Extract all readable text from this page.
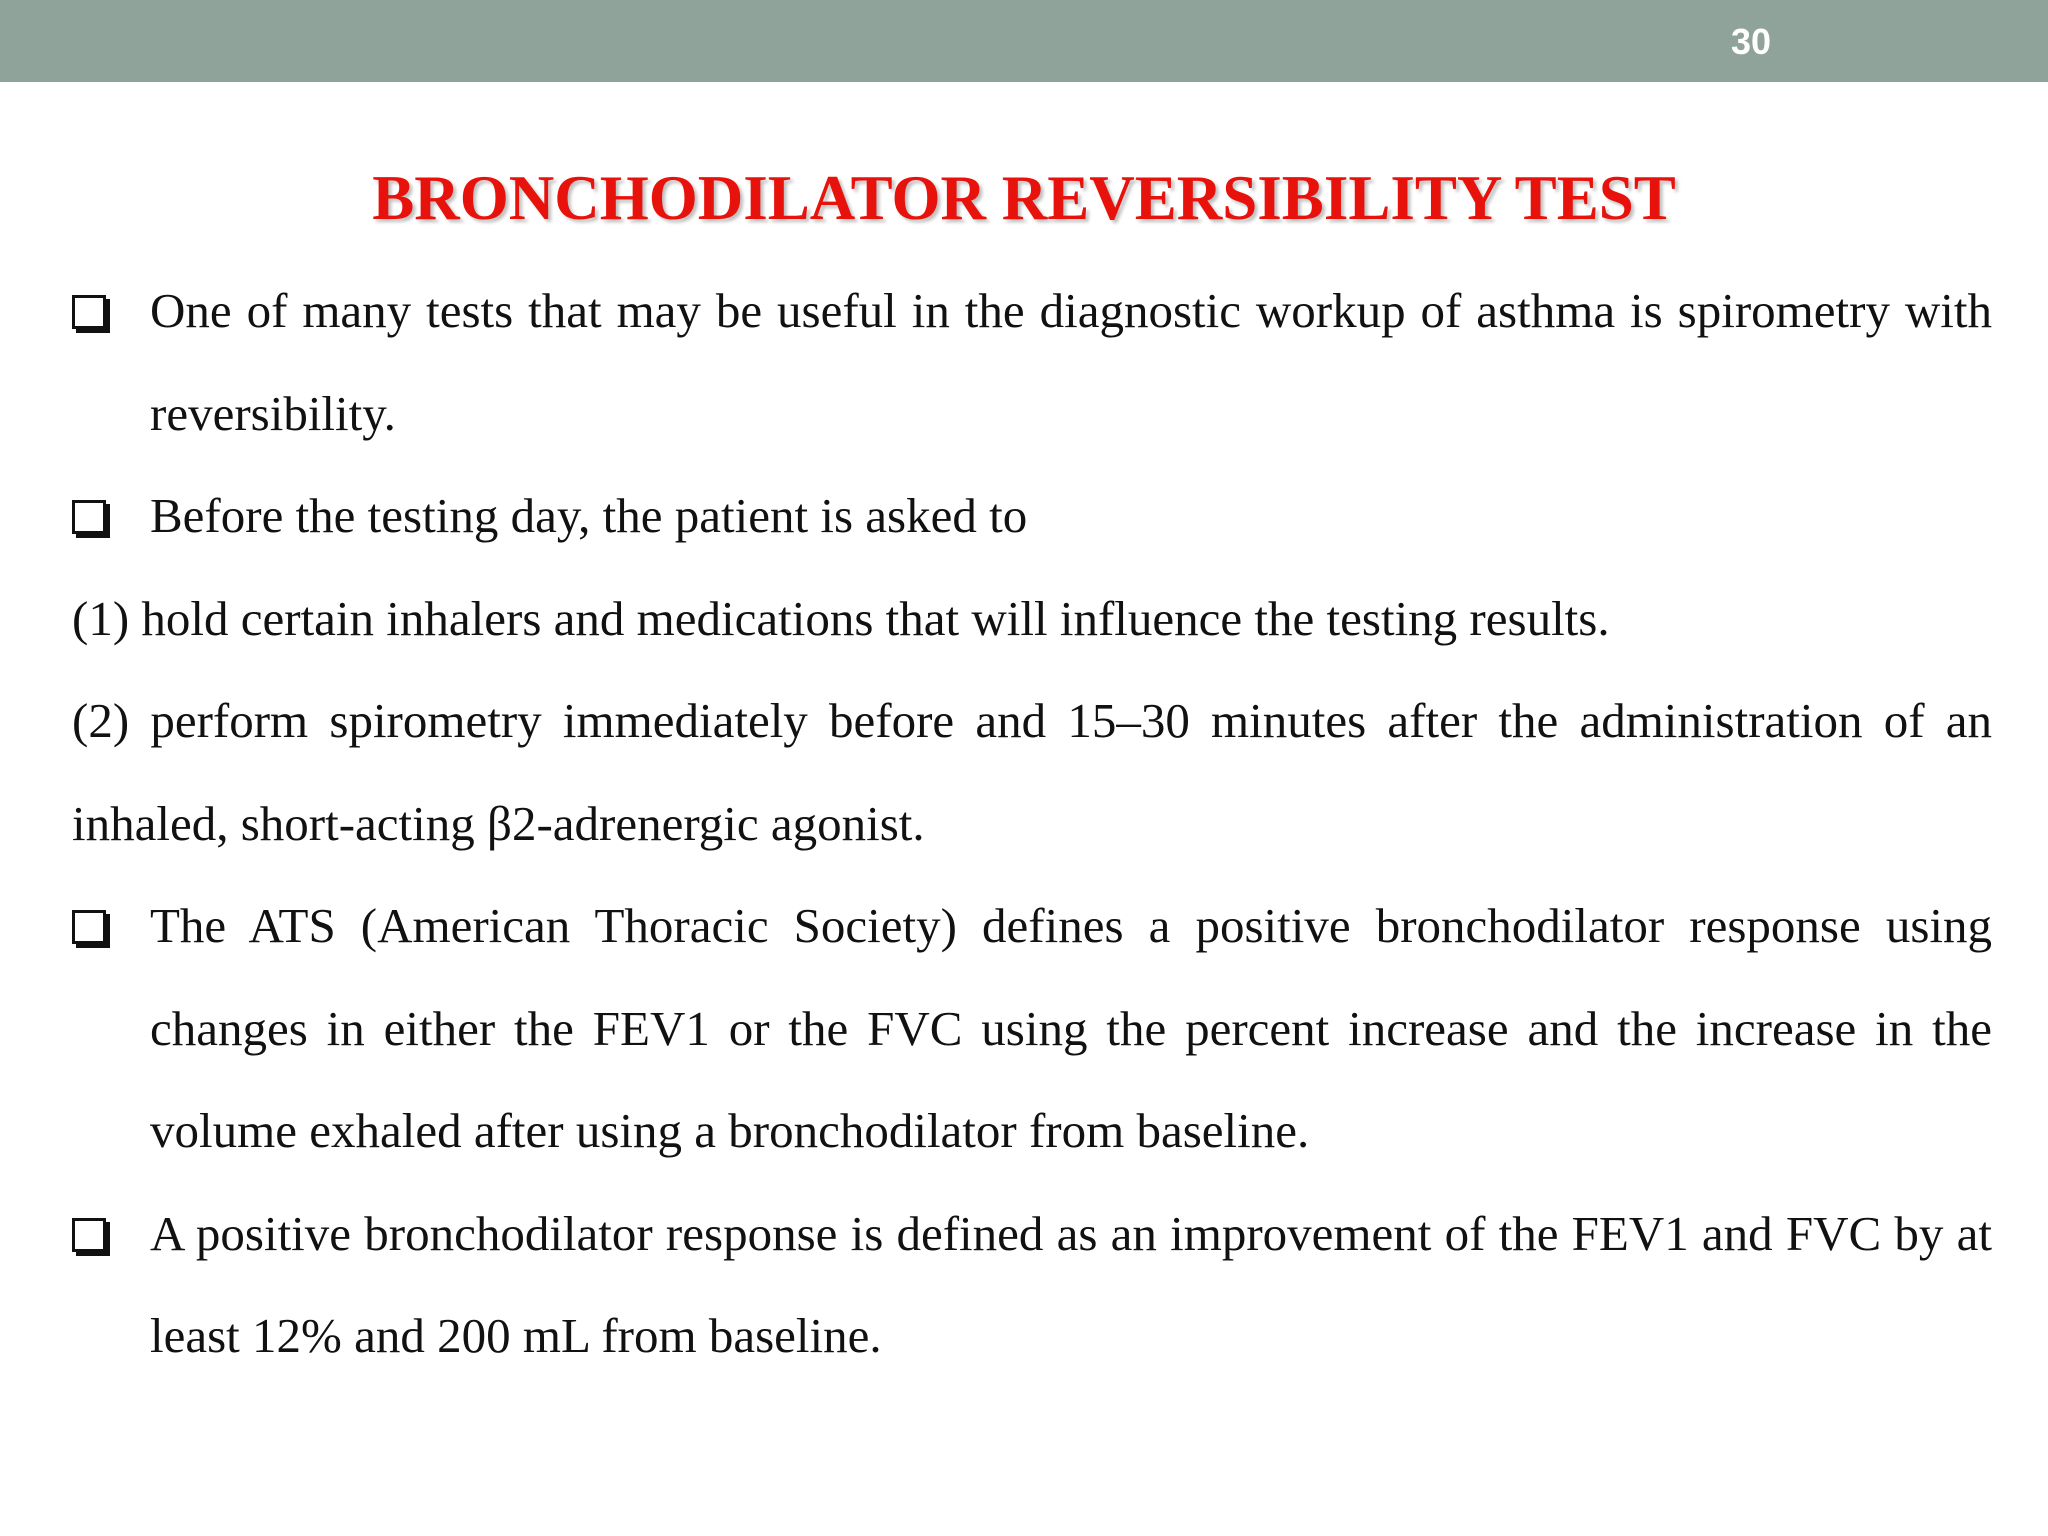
30
BRONCHODILATOR REVERSIBILITY TEST

One of many tests that may be useful in the diagnostic workup of asthma is spirometry with reversibility.

Before the testing day, the patient is asked to

(1) hold certain inhalers and medications that will influence the testing results.

(2) perform spirometry immediately before and 15–30 minutes after the administration of an inhaled, short-acting β2-adrenergic agonist.

The ATS (American Thoracic Society) defines a positive bronchodilator response using changes in either the FEV1 or the FVC using the percent increase and the increase in the volume exhaled after using a bronchodilator from baseline.

A positive bronchodilator response is defined as an improvement of the FEV1 and FVC by at least 12% and 200 mL from baseline.
